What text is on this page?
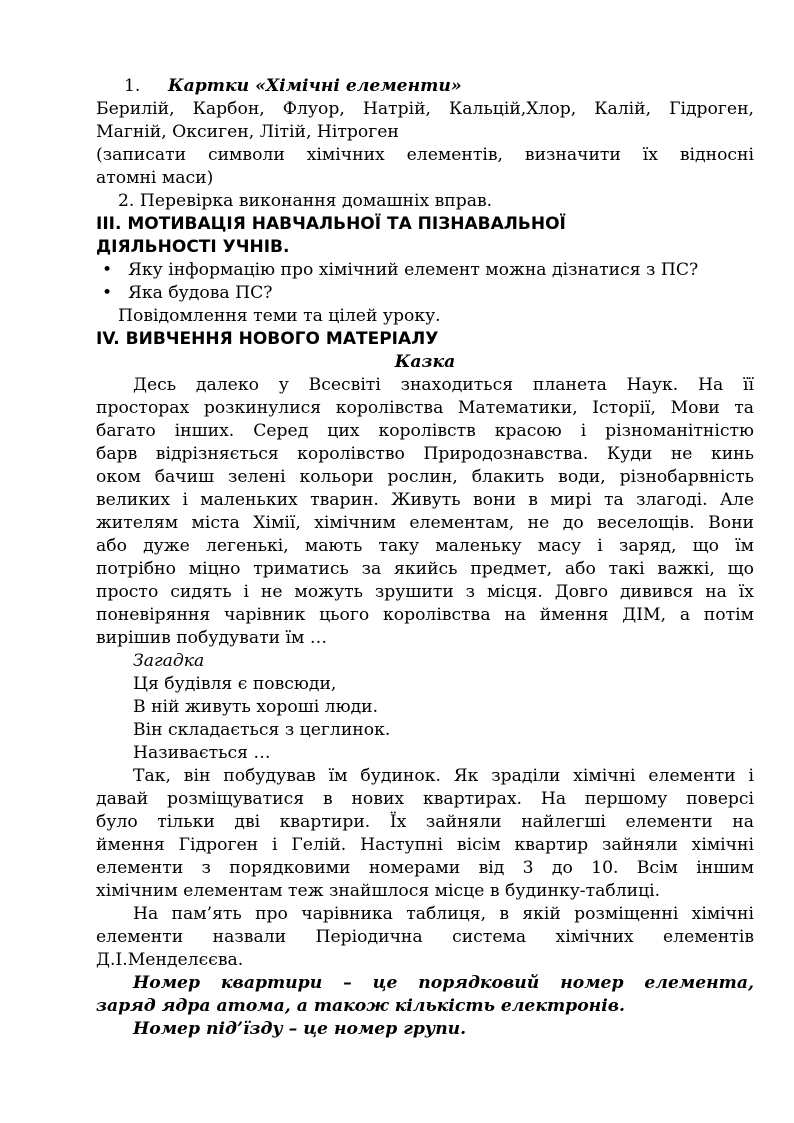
1. Картки «Хімічні елементи»

Берилій, Карбон, Флуор, Натрій, Кальцій,Хлор, Калій, Гідроген,

Магній, Оксиген, Літій, Нітроген

(записати символи хімічних елементів, визначити їх відносні

атомні маси)

2. Перевірка виконання домашніх вправ.

ІІІ. МОТИВАЦІЯ НАВЧАЛЬНОЇ ТА ПІЗНАВАЛЬНОЇ

ДІЯЛЬНОСТІ УЧНІВ.

• Яку інформацію про хімічний елемент можна дізнатися з ПС?

• Яка будова ПС?

Повідомлення теми та цілей уроку.

IV. ВИВЧЕННЯ НОВОГО МАТЕРІАЛУ

Казка

Десь далеко у Всесвіті знаходиться планета Наук. На її

просторах розкинулися королівства Математики, Історії, Мови та

багато інших. Серед цих королівств красою і різноманітністю

барв відрізняється королівство Природознавства. Куди не кинь

оком бачиш зелені кольори рослин, блакить води, різнобарвність

великих і маленьких тварин. Живуть вони в мирі та злагоді. Але

жителям міста Хімії, хімічним елементам, не до веселощів. Вони

або дуже легенькі, мають таку маленьку масу і заряд, що їм

потрібно міцно триматись за якийсь предмет, або такі важкі, що

просто сидять і не можуть зрушити з місця. Довго дивився на їх

поневіряння чарівник цього королівства на ймення ДІМ, а потім

вирішив побудувати їм …

Загадка

Ця будівля є повсюди,

В ній живуть хороші люди.

Він складається з цеглинок.

Називається …

Так, він побудував їм будинок. Як зраділи хімічні елементи і

давай розміщуватися в нових квартирах. На першому поверсі

було тільки дві квартири. Їх зайняли найлегші елементи на

ймення Гідроген і Гелій. Наступні вісім квартир зайняли хімічні

елементи з порядковими номерами від 3 до 10. Всім іншим

хімічним елементам теж знайшлося місце в будинку-таблиці.

На пам’ять про чарівника таблиця, в якій розміщенні хімічні

елементи назвали Періодична система хімічних елементів

Д.І.Менделєєва.

Номер квартири – це порядковий номер елемента,

заряд ядра атома, а також кількість електронів.

Номер під’їзду – це номер групи.
